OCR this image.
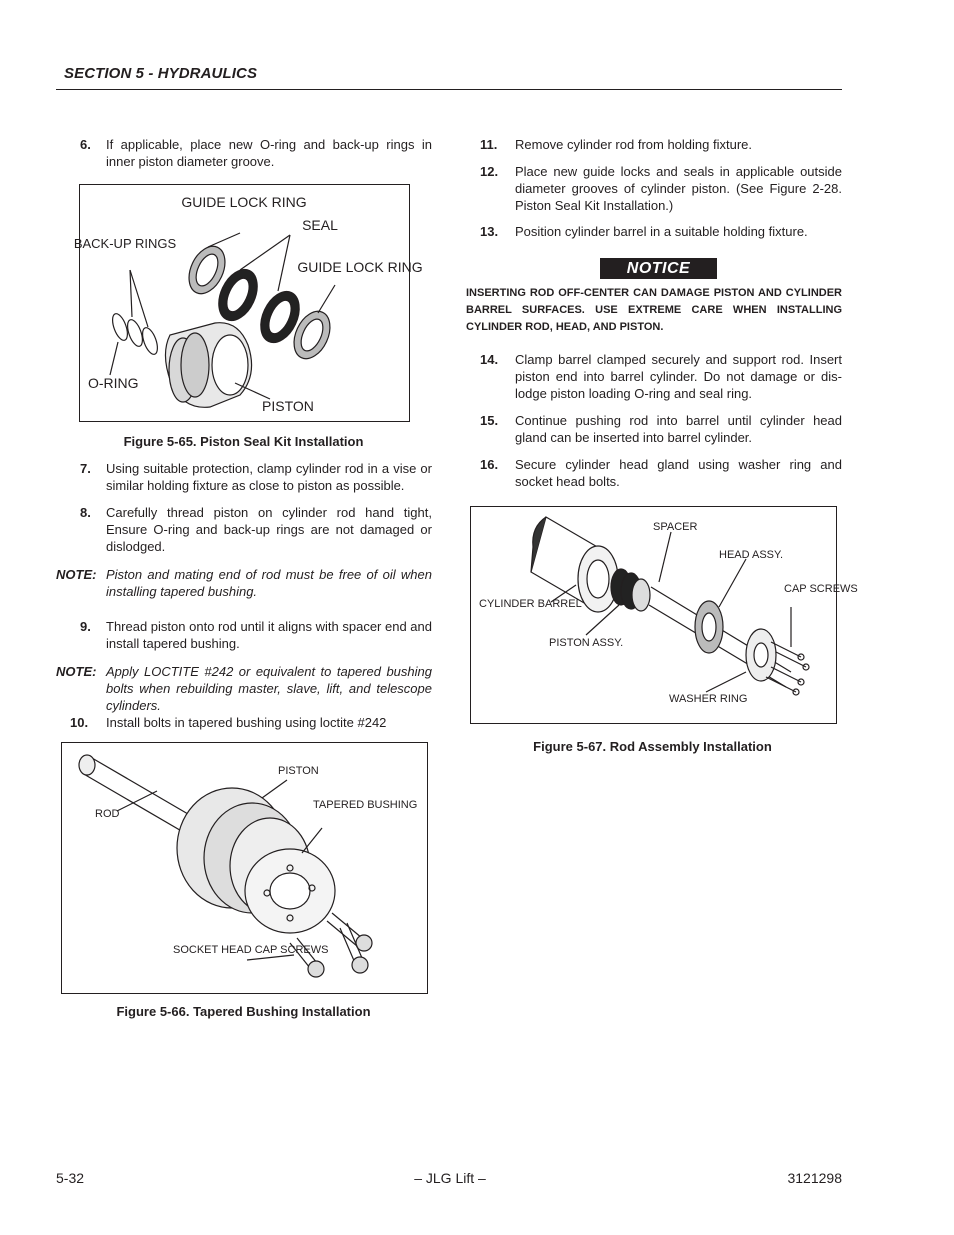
SECTION 5 - HYDRAULICS
6.	If applicable, place new O-ring and back-up rings in inner piston diameter groove.
GUIDE LOCK RING
SEAL
BACK-UP RINGS
GUIDE LOCK RING
O-RING
PISTON
Figure 5-65. Piston Seal Kit Installation
7.	Using suitable protection, clamp cylinder rod in a vise or similar holding fixture as close to piston as possible.
8.	Carefully thread piston on cylinder rod hand tight, Ensure O-ring and back-up rings are not damaged or dislodged.
NOTE: Piston and mating end of rod must be free of oil when installing tapered bushing.
9.	Thread piston onto rod until it aligns with spacer end and install tapered bushing.
NOTE: Apply LOCTITE #242 or equivalent to tapered bushing bolts when rebuilding master, slave, lift, and telescope cylinders.
10.	Install bolts in tapered bushing using loctite #242
PISTON
ROD
TAPERED BUSHING
SOCKET HEAD CAP SCREWS
Figure 5-66. Tapered Bushing Installation
11.	Remove cylinder rod from holding fixture.
12.	Place new guide locks and seals in applicable outside diameter grooves of cylinder piston. (See Figure 2-28. Piston Seal Kit Installation.)
13.	Position cylinder barrel in a suitable holding fixture.
NOTICE
INSERTING ROD OFF-CENTER CAN DAMAGE PISTON AND CYLINDER BARREL SURFACES. USE EXTREME CARE WHEN INSTALLING CYLINDER ROD, HEAD, AND PISTON.
14.	Clamp barrel clamped securely and support rod. Insert piston end into barrel cylinder. Do not damage or dis-lodge piston loading O-ring and seal ring.
15.	Continue pushing rod into barrel until cylinder head gland can be inserted into barrel cylinder.
16.	Secure cylinder head gland using washer ring and socket head bolts.
SPACER
HEAD ASSY.
CYLINDER BARREL
CAP SCREWS
PISTON ASSY.
WASHER RING
Figure 5-67. Rod Assembly Installation
5-32	– JLG Lift –	3121298
